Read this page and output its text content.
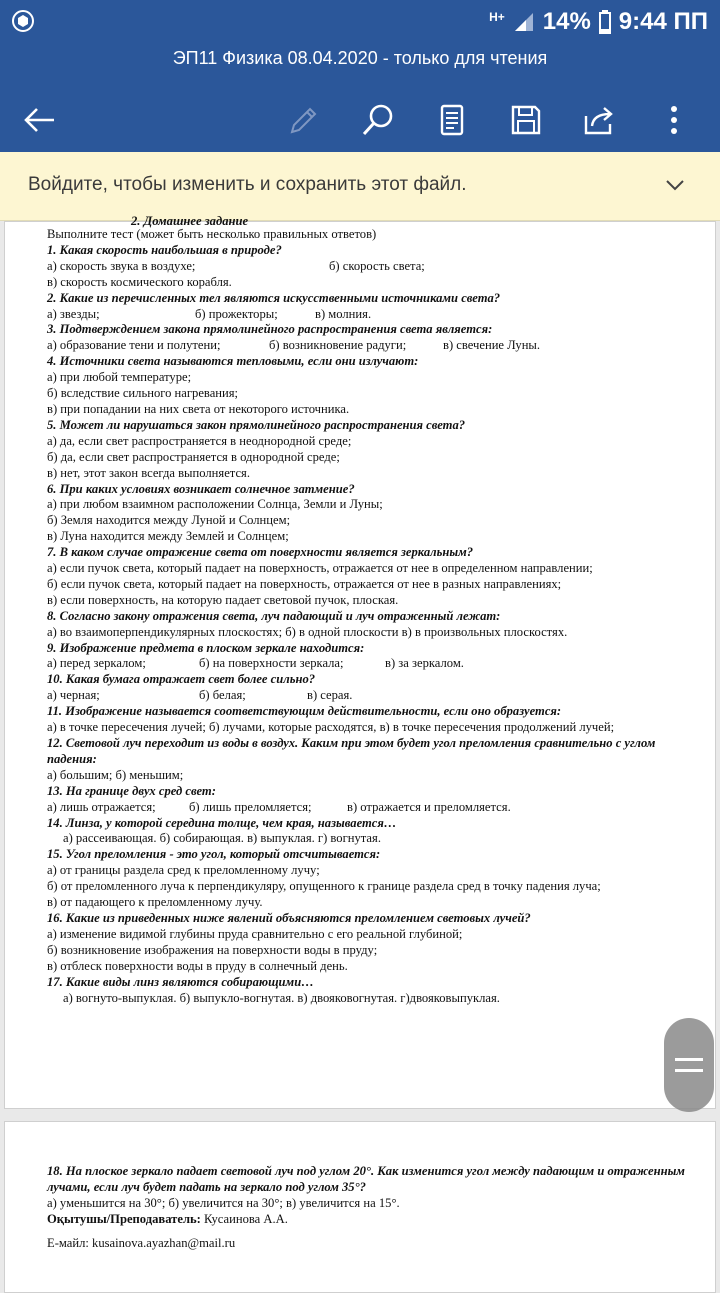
H+ 14% 9:44 ПП
ЭП11 Физика 08.04.2020 - только для чтения
Войдите, чтобы изменить и сохранить этот файл.
2. Домашнее задание
Выполните тест (может быть несколько правильных ответов)
1. Какая скорость наибольшая в природе?
а) скорость звука в воздухе;	б) скорость света;
в) скорость космического корабля.
2. Какие из перечисленных тел являются искусственными источниками света?
а) звезды;	б) прожекторы;	в) молния.
3. Подтверждением закона прямолинейного распространения света является:
а) образование тени и полутени;	б) возникновение радуги;	в) свечение Луны.
4. Источники света называются тепловыми, если они излучают:
а) при любой температуре;
б) вследствие сильного нагревания;
в) при попадании на них света от некоторого источника.
5. Может ли нарушаться закон прямолинейного распространения света?
а) да, если свет распространяется в неоднородной среде;
б) да, если свет распространяется в однородной среде;
в) нет, этот закон всегда выполняется.
6. При каких условиях возникает солнечное затмение?
а) при любом взаимном расположении Солнца, Земли и Луны;
б) Земля находится между Луной и Солнцем;
в) Луна находится между Землей и Солнцем;
7. В каком случае отражение света от поверхности является зеркальным?
а) если пучок света, который падает на поверхность, отражается от нее в определенном направлении;
б) если пучок света, который падает на поверхность, отражается от нее в разных направлениях;
в) если поверхность, на которую падает световой пучок, плоская.
8. Согласно закону отражения света, луч падающий и луч отраженный лежат:
а) во взаимоперпендикулярных плоскостях; б) в одной плоскости в) в произвольных плоскостях.
9. Изображение предмета в плоском зеркале находится:
а) перед зеркалом;	б) на поверхности зеркала;	в) за зеркалом.
10. Какая бумага отражает свет более сильно?
а) черная;	б) белая;	в) серая.
11. Изображение называется соответствующим действительности, если оно образуется:
а) в точке пересечения лучей; б) лучами, которые расходятся, в) в точке пересечения продолжений лучей;
12. Световой луч переходит из воды в воздух. Каким при этом будет угол преломления сравнительно с углом падения:
а) большим; б) меньшим;
13. На границе двух сред свет:
а) лишь отражается;	б) лишь преломляется;	в) отражается и преломляется.
14. Линза, у которой середина толще, чем края, называется…
а) рассеивающая. б) собирающая. в) выпуклая. г) вогнутая.
15. Угол преломления - это угол, который отсчитывается:
а) от границы раздела сред к преломленному лучу;
б) от преломленного луча к перпендикуляру, опущенного к границе раздела сред в точку падения луча;
в) от падающего к преломленному лучу.
16. Какие из приведенных ниже явлений объясняются преломлением световых лучей?
а) изменение видимой глубины пруда сравнительно с его реальной глубиной;
б) возникновение изображения на поверхности воды в пруду;
в) отблеск поверхности воды в пруду в солнечный день.
17. Какие виды линз являются собирающими…
а) вогнуто-выпуклая. б) выпукло-вогнутая. в) двояковогнутая. г)двояковыпуклая.
18. На плоское зеркало падает световой луч под углом 20°. Как изменится угол между падающим и отраженным лучами, если луч будет падать на зеркало под углом 35°?
а) уменьшится на 30°; б) увеличится на 30°; в) увеличится на 15°.
Оқытушы/Преподаватель: Кусаинова А.А.
Е-майл: kusainova.ayazhan@mail.ru
